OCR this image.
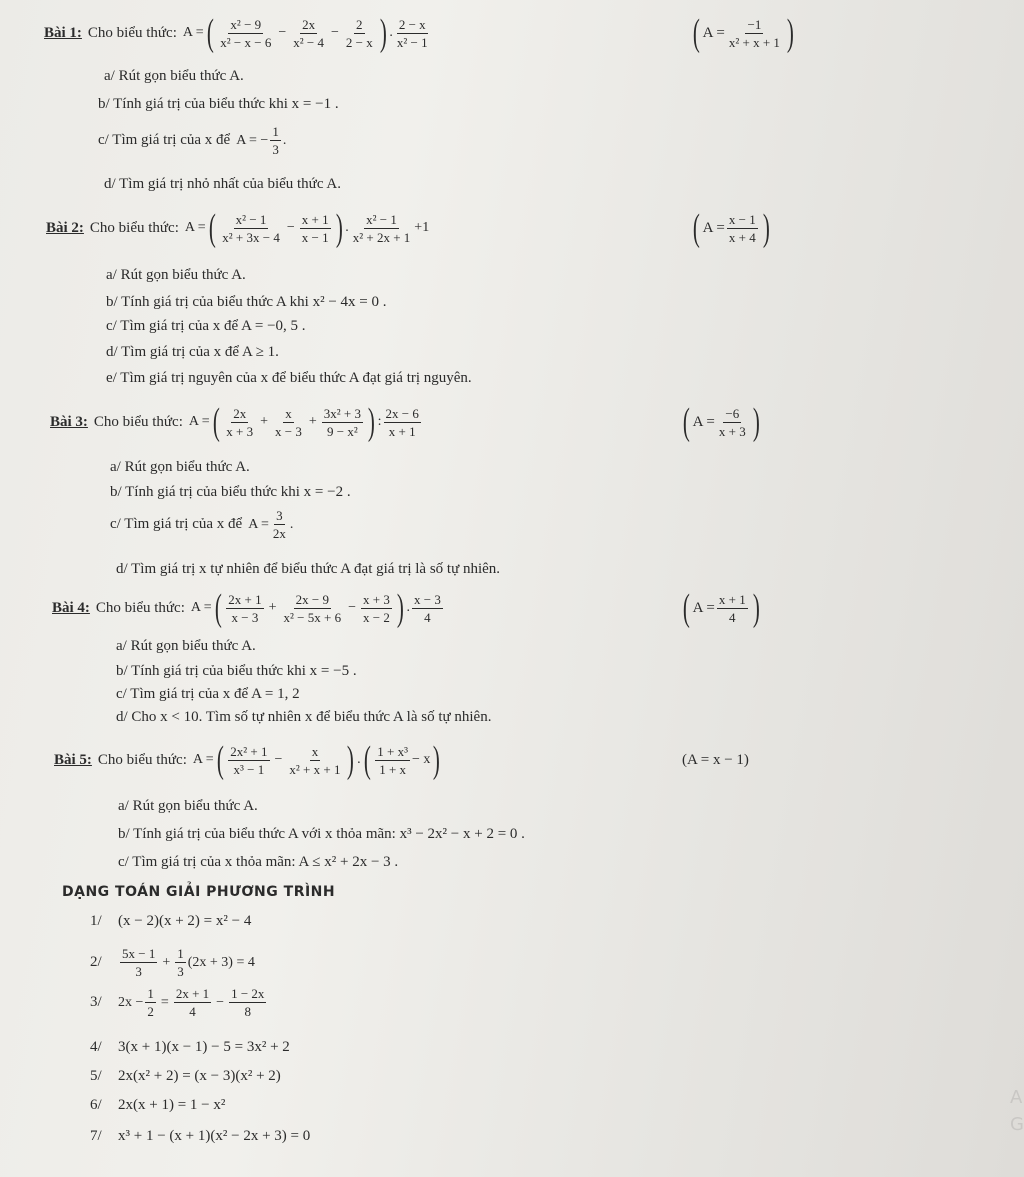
Bài 1: Cho biểu thức: A = ( $\frac{\text{x² − 9}}{\text{x² − x − 6}} - \frac{2x}{\text{x² − 4}} - \frac{2}{2 - x}$ ) . $\frac{2 - x}{\text{x² − 1}}$	( $A = \frac{-1}{\text{x² + x + 1}}$ )
a/ Rút gọn biểu thức A.
b/ Tính giá trị của biểu thức khi x = −1 .
c/ Tìm giá trị của x để A = − $\frac{1}{3}$ .
d/ Tìm giá trị nhỏ nhất của biểu thức A.
Bài 2: Cho biểu thức: A = ( $\frac{\text{x² − 1}}{\text{x² + 3x − 4}} - \frac{x + 1}{x - 1}$ ) . $\frac{\text{x² − 1}}{\text{x² + 2x + 1}} +1$	( $A = \frac{x - 1}{x + 4}$ )
a/ Rút gọn biểu thức A.
b/ Tính giá trị của biểu thức A khi x² − 4x = 0 .
c/ Tìm giá trị của x để A = −0, 5 .
d/ Tìm giá trị của x để A ≥ 1.
e/ Tìm giá trị nguyên của x để biểu thức A đạt giá trị nguyên.
Bài 3: Cho biểu thức: A = ( $\frac{2x}{x + 3} + \frac{x}{x - 3} + \frac{\text{3x² + 3}}{\text{9 − x²}}$ ) : $\frac{2x - 6}{x + 1}$	( $A = \frac{-6}{x + 3}$ )
a/ Rút gọn biểu thức A.
b/ Tính giá trị của biểu thức khi x = −2 .
c/ Tìm giá trị của x để $A = \frac{3}{2x}$ .
d/ Tìm giá trị x tự nhiên để biểu thức A đạt giá trị là số tự nhiên.
Bài 4: Cho biểu thức: A = ( $\frac{2x + 1}{x - 3} + \frac{2x - 9}{\text{x² − 5x + 6}} - \frac{x + 3}{x - 2}$ ) . $\frac{x - 3}{4}$	( $A = \frac{x + 1}{4}$ )
a/ Rút gọn biểu thức A.
b/ Tính giá trị của biểu thức khi x = −5 .
c/ Tìm giá trị của x để A = 1, 2
d/ Cho x < 10. Tìm số tự nhiên x để biểu thức A là số tự nhiên.
Bài 5: Cho biểu thức: A = ( $\frac{\text{2x² + 1}}{\text{x³ − 1}} - \frac{x}{\text{x² + x + 1}}$ ) . ( $\frac{\text{1 + x³}}{1 + x} - x$ )	(A = x − 1)
a/ Rút gọn biểu thức A.
b/ Tính giá trị của biểu thức A với x thỏa mãn: x³ − 2x² − x + 2 = 0 .
c/ Tìm giá trị của x thỏa mãn: A ≤ x² + 2x − 3 .
DẠNG TOÁN GIẢI PHƯƠNG TRÌNH
1/	(x − 2)(x + 2) = x² − 4
2/	$\frac{5x - 1}{3} + \frac{1}{3} (2x + 3) = 4$
3/	$2x - \frac{1}{2} = \frac{2x + 1}{4} - \frac{1 - 2x}{8}$
4/	3(x + 1)(x − 1) − 5 = 3x² + 2
5/	2x(x² + 2) = (x − 3)(x² + 2)
6/	2x(x + 1) = 1 − x²
7/	x³ + 1 − (x + 1)(x² − 2x + 3) = 0
A
G
